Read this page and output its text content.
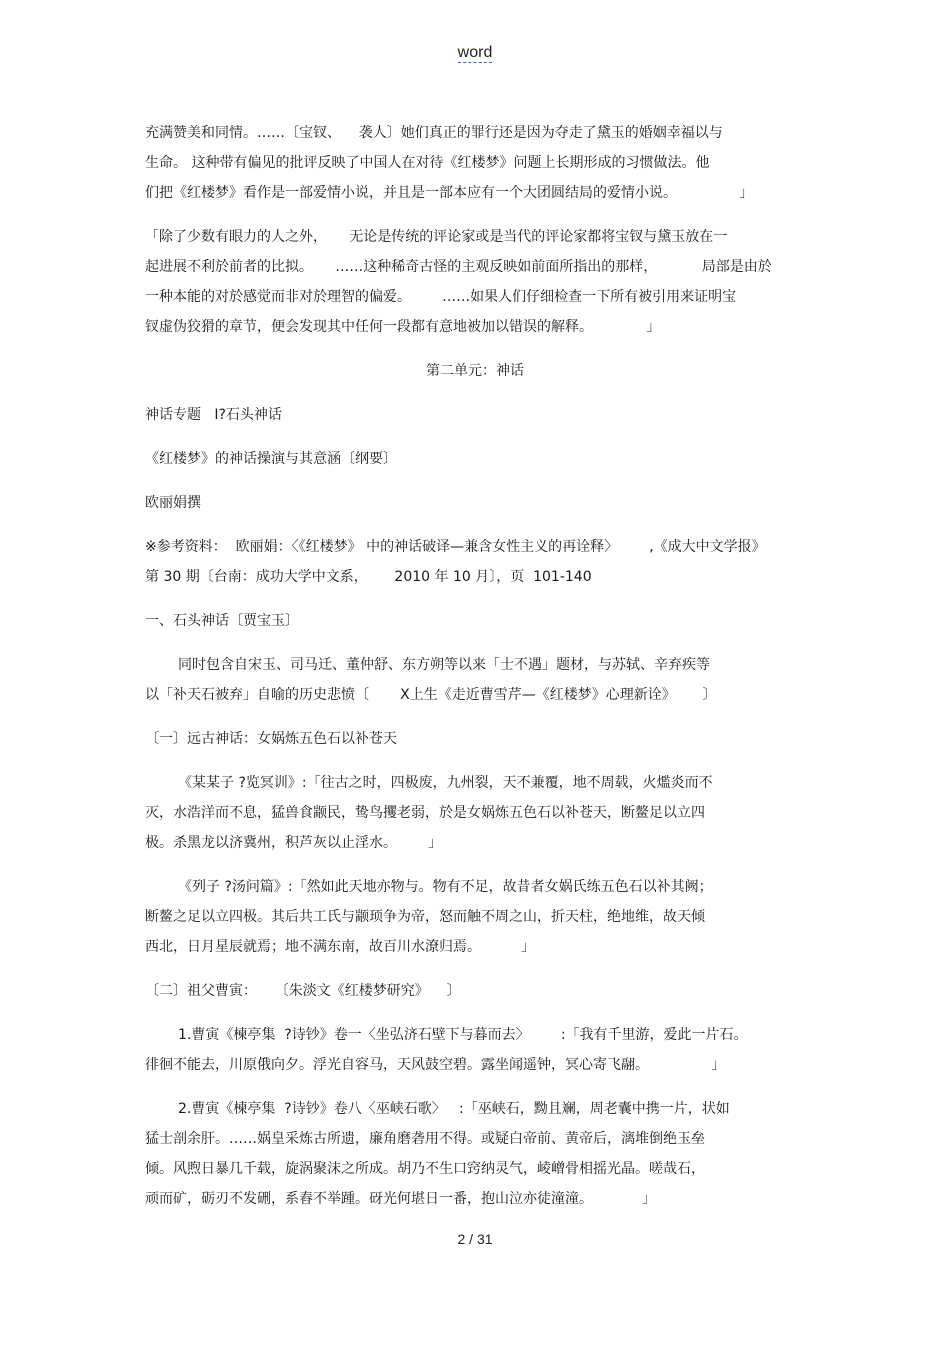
word
充满赞美和同情。……〔宝钗、    袭人〕她们真正的罪行还是因为夺走了黛玉的婚姻幸福以与
生命。 这种带有偏见的批评反映了中国人在对待《红楼梦》问题上长期形成的习惯做法。他
们把《红楼梦》看作是一部爱情小说，并且是一部本应有一个大团圆结局的爱情小说。              」
「除了少数有眼力的人之外，     无论是传统的评论家或是当代的评论家都将宝钗与黛玉放在一
起进展不利於前者的比拟。     ……这种稀奇古怪的主观反映如前面所指出的那样，          局部是由於
一种本能的对於感觉而非对於理智的偏爱。       ……如果人们仔细检查一下所有被引用来证明宝
钗虚伪狡猾的章节，便会发现其中任何一段都有意地被加以错误的解释。            」
第二单元：神话
神话专题   I?石头神话
《红楼梦》的神话操演与其意涵〔纲要〕
欧丽娟撰
※参考资料：  欧丽娟：〈《红楼梦》 中的神话破译—兼含女性主义的再诠释〉       ,《成大中文学报》
第 30 期〔台南：成功大学中文系，      2010 年 10 月〕，页  101-140
一、石头神话〔贾宝玉〕
同时包含自宋玉、司马迁、董仲舒、东方朔等以来「士不遇」题材，与苏轼、辛弃疾等
以「补天石被弃」自喻的历史悲愤〔       X上生《走近曹雪芹—《红楼梦》心理新诠》      〕
〔一〕远古神话：女娲炼五色石以补苍天
《某某子 ?览冥训》:「往古之时，四极废，九州裂，天不兼覆，地不周载，火爁炎而不
灭，水浩洋而不息，猛兽食颛民，鸷鸟攫老弱，於是女娲炼五色石以补苍天，断鳌足以立四
极。杀黑龙以济冀州，积芦灰以止淫水。       」
《列子 ?汤问篇》:「然如此天地亦物与。物有不足，故昔者女娲氏练五色石以补其阙；
断鳌之足以立四极。其后共工氏与颛顼争为帝，怒而触不周之山，折天柱，绝地维，故天倾
西北，日月星辰就焉；地不满东南，故百川水潦归焉。         」
〔二〕祖父曹寅：    〔朱淡文《红楼梦研究》    〕
1.曹寅《楝亭集  ?诗钞》卷一〈坐弘济石壁下与暮而去〉       :「我有千里游，爱此一片石。
徘徊不能去，川原俄向夕。浮光自容马，天风鼓空碧。露坐闻遥钟，冥心寄飞翮。              」
2.曹寅《楝亭集  ?诗钞》卷八〈巫峡石歌〉   :「巫峡石，黝且斓，周老囊中携一片，状如
猛士剖余肝。……娲皇采炼古所遗，廉角磨砻用不得。或疑白帝前、黄帝后，漓堆倒绝玉垒
倾。风煦日暴几千载，旋涡聚沫之所成。胡乃不生口窍纳灵气，崚嶒骨相摇光晶。嗟哉石，
顽而矿，砺刃不发硎，系舂不举踵。砑光何堪日一番，抱山泣亦徒潼潼。           」
2 / 31
